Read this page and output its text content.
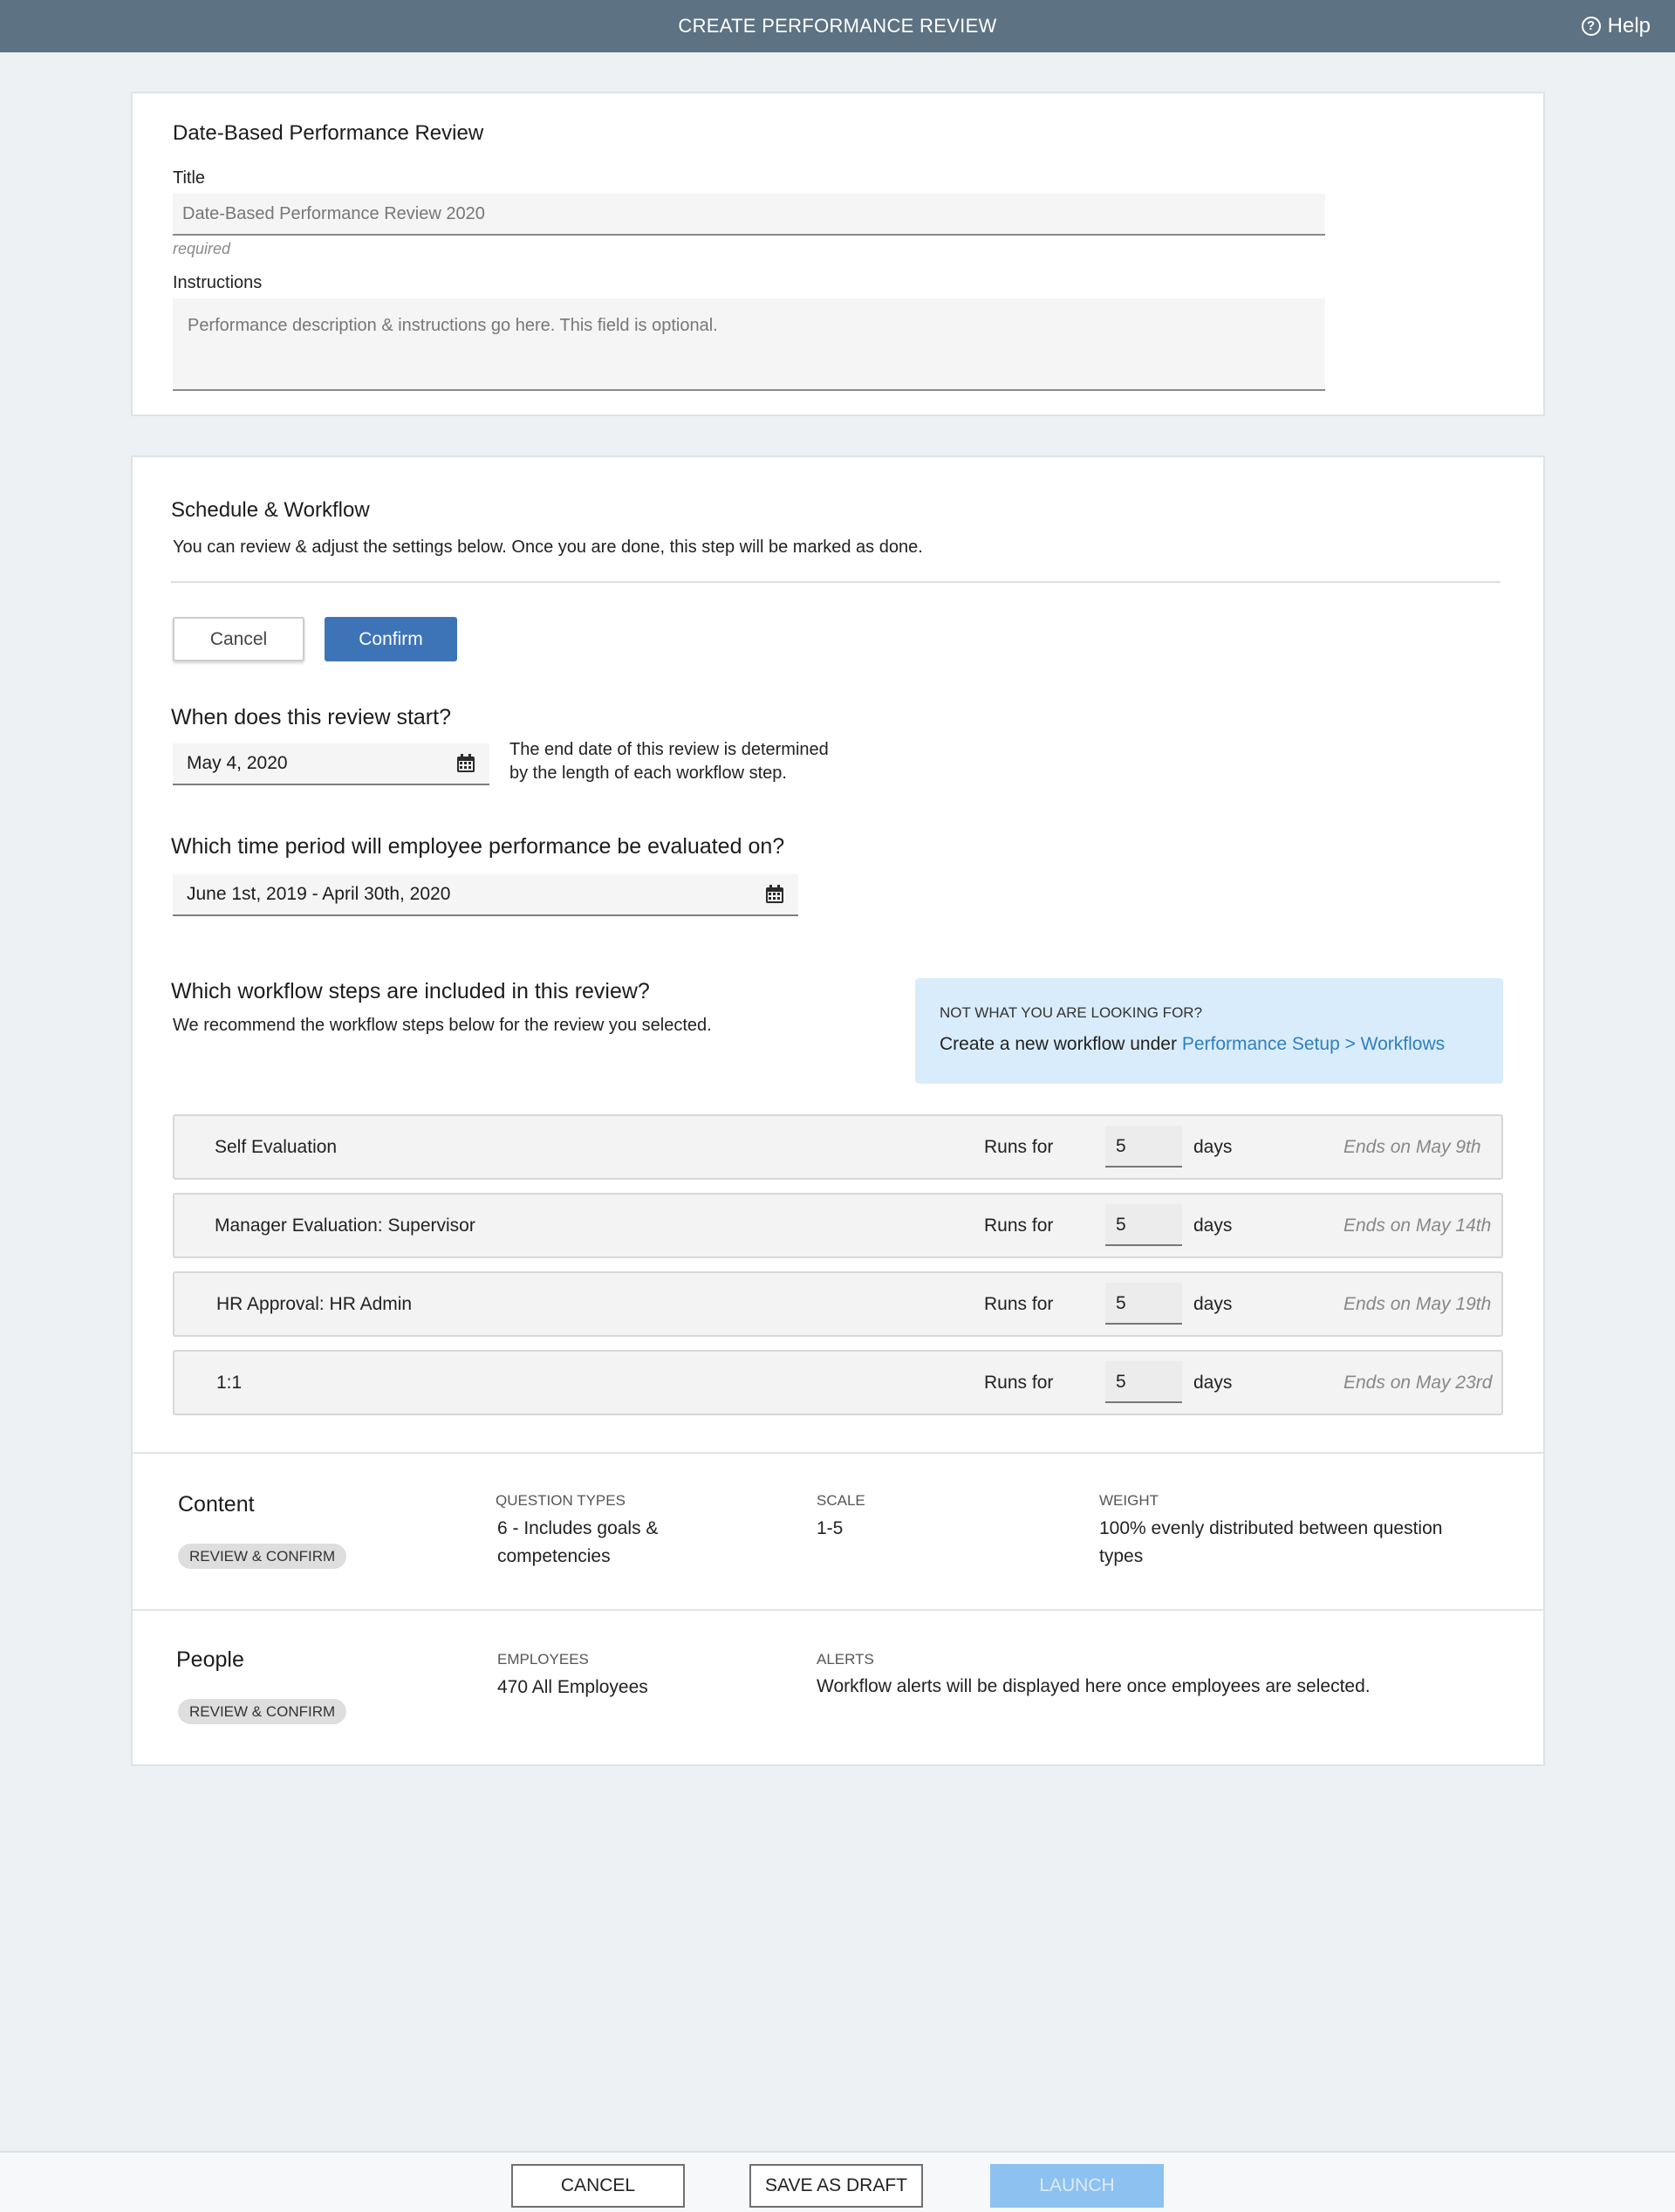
CREATE PERFORMANCE REVIEW	? Help
Date-Based Performance Review
Title
Date-Based Performance Review 2020
required
Instructions
Performance description & instructions go here. This field is optional.
Schedule & Workflow
You can review & adjust the settings below. Once you are done, this step will be marked as done.
Cancel	Confirm
When does this review start?
May 4, 2020
The end date of this review is determined
by the length of each workflow step.
Which time period will employee performance be evaluated on?
June 1st, 2019 - April 30th, 2020
Which workflow steps are included in this review?
We recommend the workflow steps below for the review you selected.
NOT WHAT YOU ARE LOOKING FOR?
Create a new workflow under Performance Setup > Workflows
Self Evaluation	Runs for	5	days	Ends on May 9th
Manager Evaluation: Supervisor	Runs for	5	days	Ends on May 14th
HR Approval: HR Admin	Runs for	5	days	Ends on May 19th
1:1	Runs for	5	days	Ends on May 23rd
Content
REVIEW & CONFIRM
QUESTION TYPES
6 - Includes goals &
competencies
SCALE
1-5
WEIGHT
100% evenly distributed between question
types
People
REVIEW & CONFIRM
EMPLOYEES
470 All Employees
ALERTS
Workflow alerts will be displayed here once employees are selected.
CANCEL	SAVE AS DRAFT	LAUNCH
